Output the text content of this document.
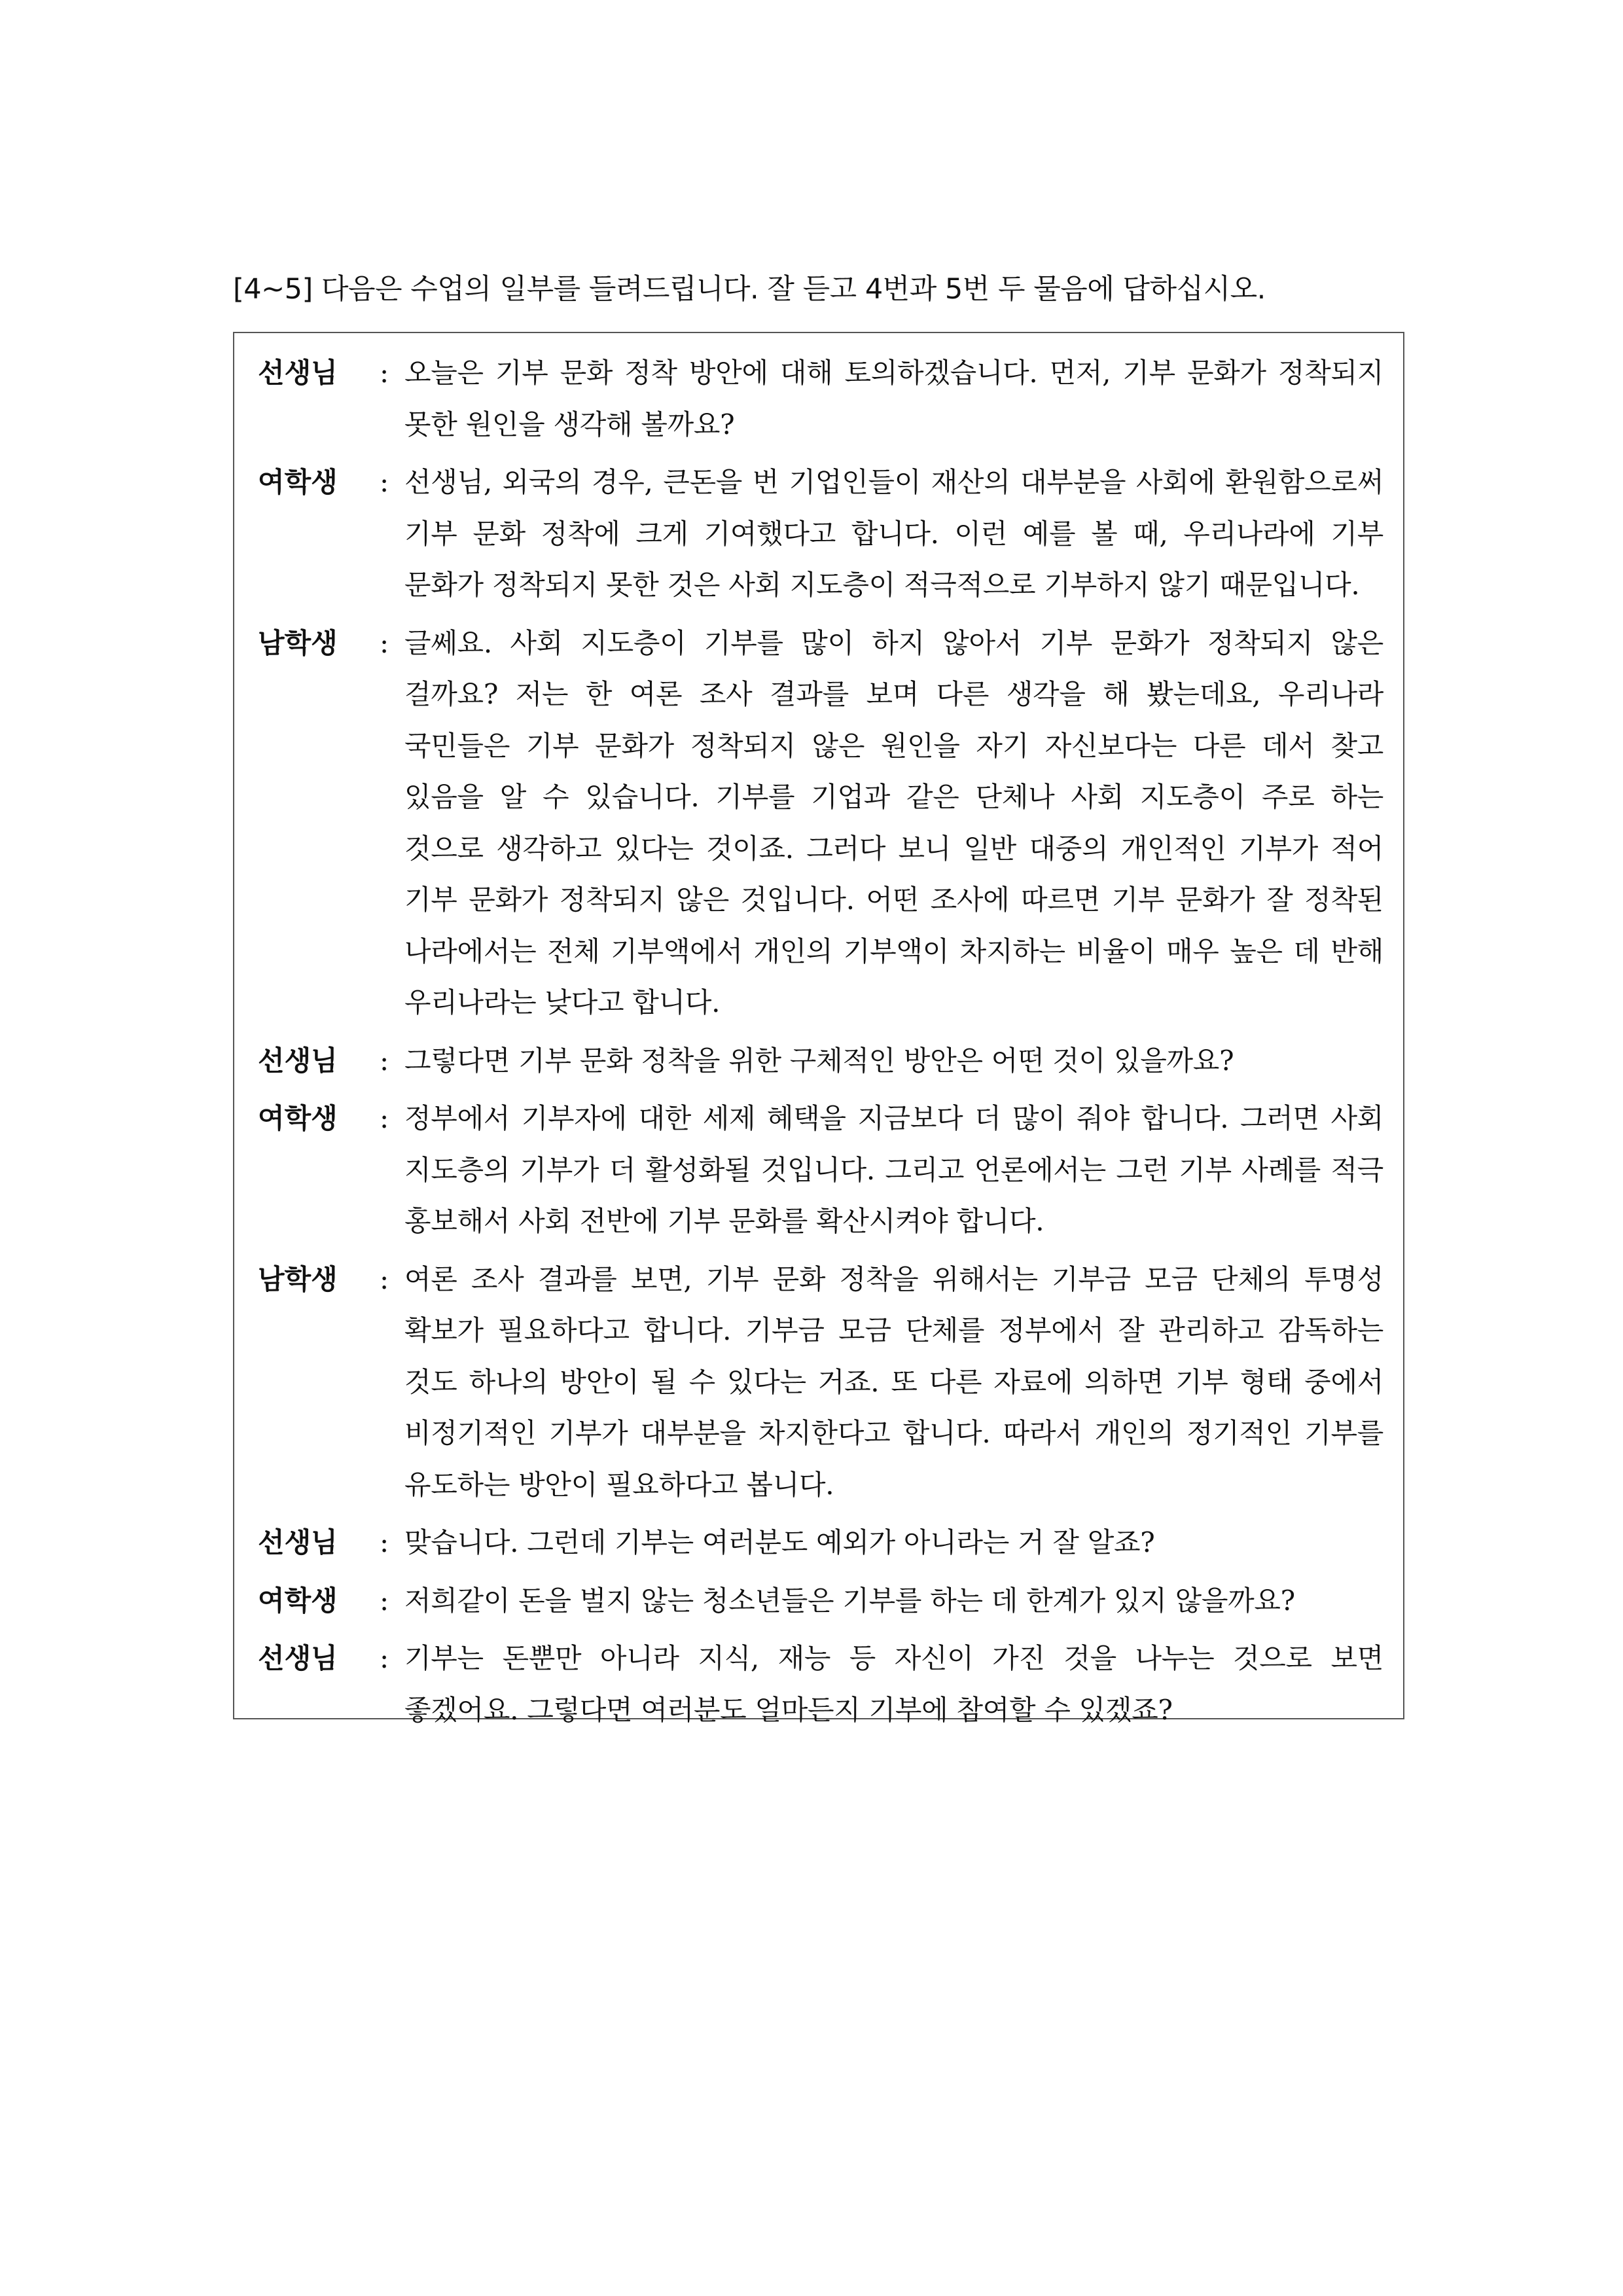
[4~5] 다음은 수업의 일부를 들려드립니다. 잘 듣고 4번과 5번 두 물음에 답하십시오.
선생님	: 오늘은 기부 문화 정착 방안에 대해 토의하겠습니다. 먼저, 기부 문화가 정착되지 못한 원인을 생각해 볼까요?
여학생	: 선생님, 외국의 경우, 큰돈을 번 기업인들이 재산의 대부분을 사회에 환원함으로써 기부 문화 정착에 크게 기여했다고 합니다. 이런 예를 볼 때, 우리나라에 기부 문화가 정착되지 못한 것은 사회 지도층이 적극적으로 기부하지 않기 때문입니다.
남학생	: 글쎄요. 사회 지도층이 기부를 많이 하지 않아서 기부 문화가 정착되지 않은 걸까요? 저는 한 여론 조사 결과를 보며 다른 생각을 해 봤는데요, 우리나라 국민들은 기부 문화가 정착되지 않은 원인을 자기 자신보다는 다른 데서 찾고 있음을 알 수 있습니다. 기부를 기업과 같은 단체나 사회 지도층이 주로 하는 것으로 생각하고 있다는 것이죠. 그러다 보니 일반 대중의 개인적인 기부가 적어 기부 문화가 정착되지 않은 것입니다. 어떤 조사에 따르면 기부 문화가 잘 정착된 나라에서는 전체 기부액에서 개인의 기부액이 차지하는 비율이 매우 높은 데 반해 우리나라는 낮다고 합니다.
선생님	: 그렇다면 기부 문화 정착을 위한 구체적인 방안은 어떤 것이 있을까요?
여학생	: 정부에서 기부자에 대한 세제 혜택을 지금보다 더 많이 줘야 합니다. 그러면 사회 지도층의 기부가 더 활성화될 것입니다. 그리고 언론에서는 그런 기부 사례를 적극 홍보해서 사회 전반에 기부 문화를 확산시켜야 합니다.
남학생	: 여론 조사 결과를 보면, 기부 문화 정착을 위해서는 기부금 모금 단체의 투명성 확보가 필요하다고 합니다. 기부금 모금 단체를 정부에서 잘 관리하고 감독하는 것도 하나의 방안이 될 수 있다는 거죠. 또 다른 자료에 의하면 기부 형태 중에서 비정기적인 기부가 대부분을 차지한다고 합니다. 따라서 개인의 정기적인 기부를 유도하는 방안이 필요하다고 봅니다.
선생님	: 맞습니다. 그런데 기부는 여러분도 예외가 아니라는 거 잘 알죠?
여학생	: 저희같이 돈을 벌지 않는 청소년들은 기부를 하는 데 한계가 있지 않을까요?
선생님	: 기부는 돈뿐만 아니라 지식, 재능 등 자신이 가진 것을 나누는 것으로 보면 좋겠어요. 그렇다면 여러분도 얼마든지 기부에 참여할 수 있겠죠?
